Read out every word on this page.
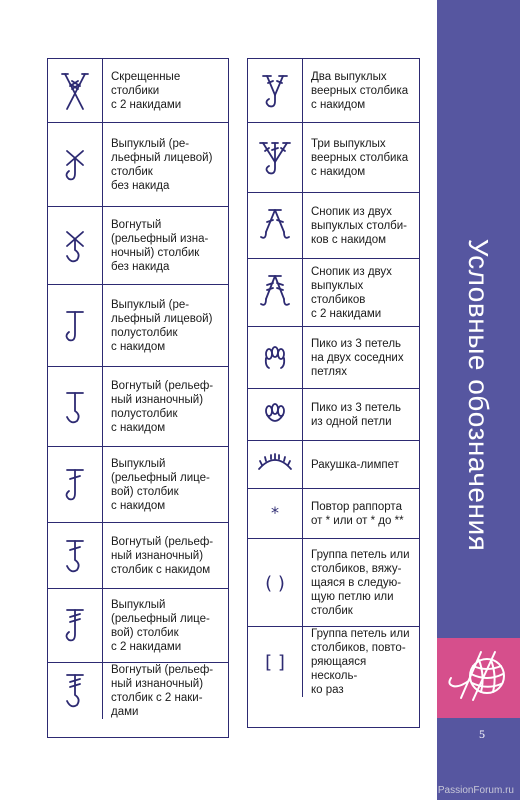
Условные обозначения
5
PassionForum.ru
Скрещенные
столбики
с 2 накидами
Выпуклый (ре-
льефный лицевой)
столбик
без накида
Вогнутый
(рельефный изна-
ночный) столбик
без накида
Выпуклый (ре-
льефный лицевой)
полустолбик
с накидом
Вогнутый (рельеф-
ный изнаночный)
полустолбик
с накидом
Выпуклый
(рельефный лице-
вой) столбик
с накидом
Вогнутый (рельеф-
ный изнаночный)
столбик с накидом
Выпуклый
(рельефный лице-
вой) столбик
с 2 накидами
Вогнутый (рельеф-
ный изнаночный)
столбик с 2 наки-
дами
Два выпуклых
веерных столбика
с накидом
Три выпуклых
веерных столбика
с накидом
Снопик из двух
выпуклых столби-
ков с накидом
Снопик из двух
выпуклых столбиков
с 2 накидами
Пико из 3 петель
на двух соседних
петлях
Пико из 3 петель
из одной петли
Ракушка-лимпет
*	Повтор раппорта
от * или от * до **
( )
Группа петель или
столбиков, вяжу-
щаяся в следую-
щую петлю или
столбик
[ ]
Группа петель или
столбиков, повто-
ряющаяся несколь-
ко раз
